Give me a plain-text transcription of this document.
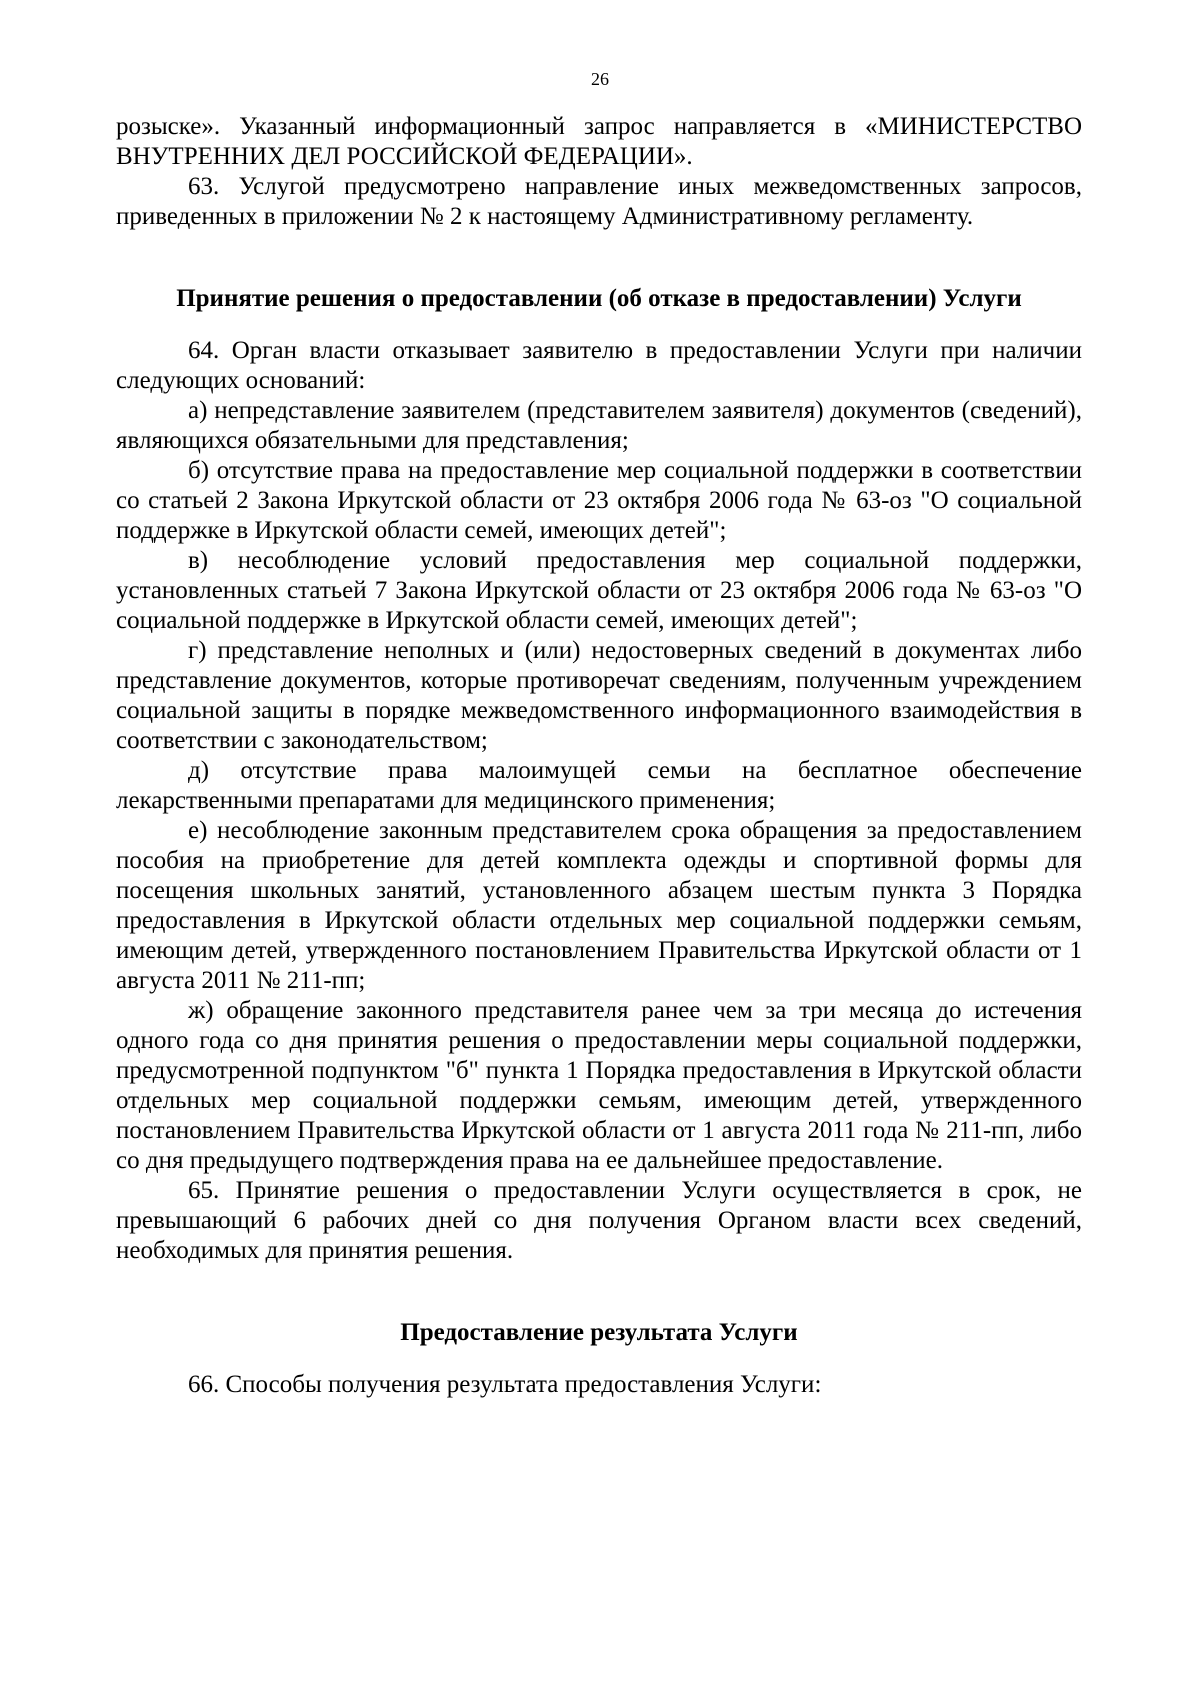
26

розыске». Указанный информационный запрос направляется в «МИНИСТЕРСТВО ВНУТРЕННИХ ДЕЛ РОССИЙСКОЙ ФЕДЕРАЦИИ».

63. Услугой предусмотрено направление иных межведомственных запросов, приведенных в приложении № 2 к настоящему Административному регламенту.

Принятие решения о предоставлении (об отказе в предоставлении) Услуги

64. Орган власти отказывает заявителю в предоставлении Услуги при наличии следующих оснований:

а) непредставление заявителем (представителем заявителя) документов (сведений), являющихся обязательными для представления;

б) отсутствие права на предоставление мер социальной поддержки в соответствии со статьей 2 Закона Иркутской области от 23 октября 2006 года № 63-оз "О социальной поддержке в Иркутской области семей, имеющих детей";

в) несоблюдение условий предоставления мер социальной поддержки, установленных статьей 7 Закона Иркутской области от 23 октября 2006 года № 63-оз "О социальной поддержке в Иркутской области семей, имеющих детей";

г) представление неполных и (или) недостоверных сведений в документах либо представление документов, которые противоречат сведениям, полученным учреждением социальной защиты в порядке межведомственного информационного взаимодействия в соответствии с законодательством;

д) отсутствие права малоимущей семьи на бесплатное обеспечение лекарственными препаратами для медицинского применения;

е) несоблюдение законным представителем срока обращения за предоставлением пособия на приобретение для детей комплекта одежды и спортивной формы для посещения школьных занятий, установленного абзацем шестым пункта 3 Порядка предоставления в Иркутской области отдельных мер социальной поддержки семьям, имеющим детей, утвержденного постановлением Правительства Иркутской области от 1 августа 2011 № 211-пп;

ж) обращение законного представителя ранее чем за три месяца до истечения одного года со дня принятия решения о предоставлении меры социальной поддержки, предусмотренной подпунктом "б" пункта 1 Порядка предоставления в Иркутской области отдельных мер социальной поддержки семьям, имеющим детей, утвержденного постановлением Правительства Иркутской области от 1 августа 2011 года № 211-пп, либо со дня предыдущего подтверждения права на ее дальнейшее предоставление.

65. Принятие решения о предоставлении Услуги осуществляется в срок, не превышающий 6 рабочих дней со дня получения Органом власти всех сведений, необходимых для принятия решения.

Предоставление результата Услуги

66. Способы получения результата предоставления Услуги:
